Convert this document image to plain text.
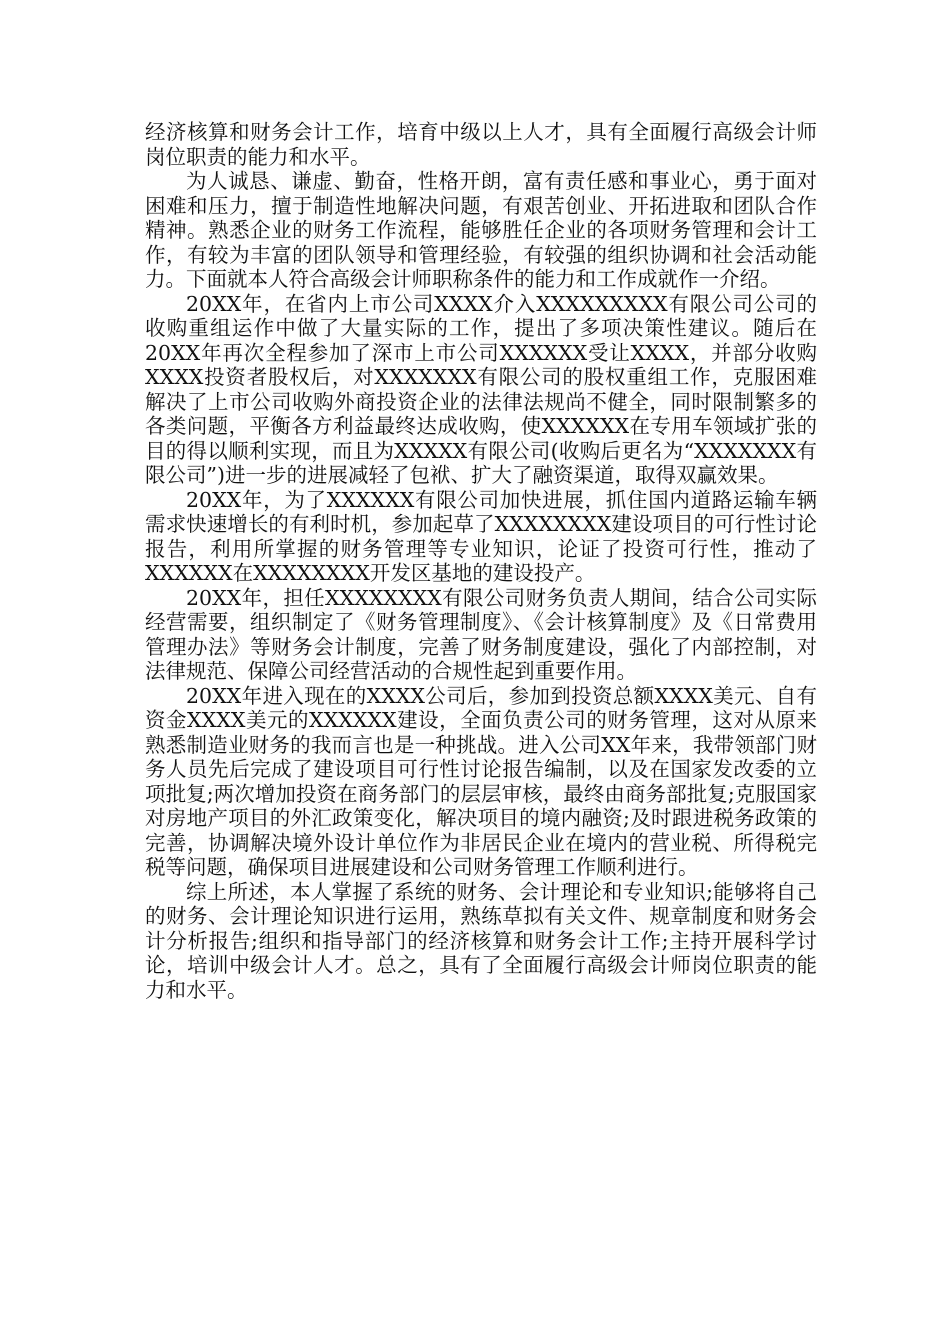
经济核算和财务会计工作，培育中级以上人才，具有全面履行高级会计师岗位职责的能力和水平。

为人诚恳、谦虚、勤奋，性格开朗，富有责任感和事业心，勇于面对困难和压力，擅于制造性地解决问题，有艰苦创业、开拓进取和团队合作精神。熟悉企业的财务工作流程，能够胜任企业的各项财务管理和会计工作，有较为丰富的团队领导和管理经验，有较强的组织协调和社会活动能力。下面就本人符合高级会计师职称条件的能力和工作成就作一介绍。

20XX年，在省内上市公司XXXX介入XXXXXXXXX有限公司公司的收购重组运作中做了大量实际的工作，提出了多项决策性建议。随后在20XX年再次全程参加了深市上市公司XXXXXX受让XXXX，并部分收购XXXX投资者股权后，对XXXXXXX有限公司的股权重组工作，克服困难解决了上市公司收购外商投资企业的法律法规尚不健全，同时限制繁多的各类问题，平衡各方利益最终达成收购，使XXXXXX在专用车领域扩张的目的得以顺利实现，而且为XXXXX有限公司(收购后更名为“XXXXXXX有限公司”)进一步的进展减轻了包袱、扩大了融资渠道，取得双赢效果。

20XX年，为了XXXXXX有限公司加快进展，抓住国内道路运输车辆需求快速增长的有利时机，参加起草了XXXXXXXX建设项目的可行性讨论报告，利用所掌握的财务管理等专业知识，论证了投资可行性，推动了XXXXXX在XXXXXXXX开发区基地的建设投产。

20XX年，担任XXXXXXXX有限公司财务负责人期间，结合公司实际经营需要，组织制定了《财务管理制度》、《会计核算制度》及《日常费用管理办法》等财务会计制度，完善了财务制度建设，强化了内部控制，对法律规范、保障公司经营活动的合规性起到重要作用。

20XX年进入现在的XXXX公司后，参加到投资总额XXXX美元、自有资金XXXX美元的XXXXXX建设，全面负责公司的财务管理，这对从原来熟悉制造业财务的我而言也是一种挑战。进入公司XX年来，我带领部门财务人员先后完成了建设项目可行性讨论报告编制，以及在国家发改委的立项批复;两次增加投资在商务部门的层层审核，最终由商务部批复;克服国家对房地产项目的外汇政策变化，解决项目的境内融资;及时跟进税务政策的完善，协调解决境外设计单位作为非居民企业在境内的营业税、所得税完税等问题，确保项目进展建设和公司财务管理工作顺利进行。

综上所述，本人掌握了系统的财务、会计理论和专业知识;能够将自己的财务、会计理论知识进行运用，熟练草拟有关文件、规章制度和财务会计分析报告;组织和指导部门的经济核算和财务会计工作;主持开展科学讨论，培训中级会计人才。总之，具有了全面履行高级会计师岗位职责的能力和水平。
